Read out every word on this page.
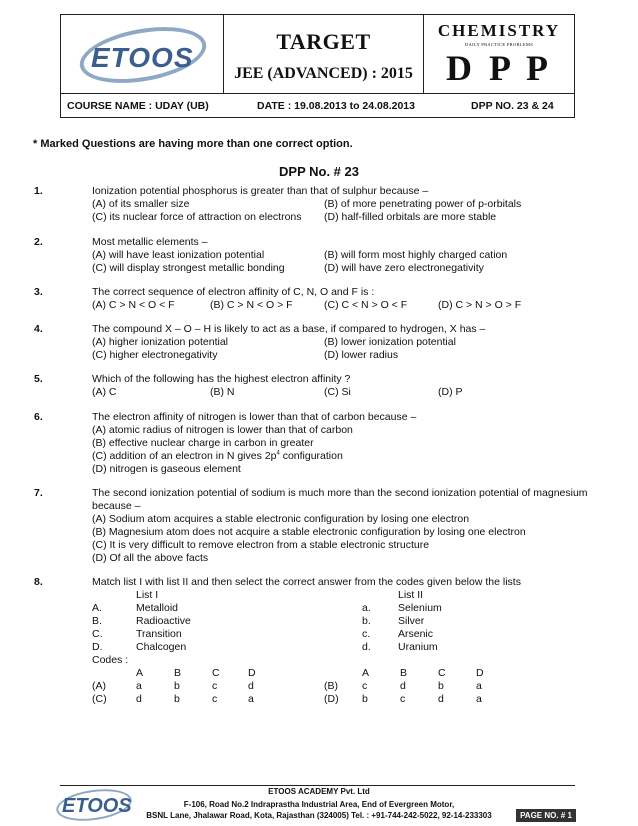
ETOOS
TARGET
JEE (ADVANCED) : 2015
CHEMISTRY
DAILY PRACTICE PROBLEMS
D P P
COURSE NAME : UDAY (UB)	DATE : 19.08.2013 to 24.08.2013	DPP NO. 23 & 24
* Marked Questions are having more than one correct option.
DPP No. # 23
1.	Ionization potential phosphorus is greater than that of sulphur because –
(A) of its smaller size	(B) of more penetrating power of p-orbitals
(C) its nuclear force of attraction on electrons (D) half-filled orbitals are more stable
2.	Most metallic elements –
(A) will have least ionization potential	(B) will form most highly charged cation
(C) will display strongest metallic bonding	(D) will have zero electronegativity
3.	The correct sequence of electron affinity of C, N, O and F is :
(A) C > N < O < F	(B) C > N < O > F	(C) C < N > O < F	(D) C > N > O > F
4.	The compound X – O – H is likely to act as a base, if compared to hydrogen, X has –
(A) higher ionization potential	(B) lower ionization potential
(C) higher electronegativity	(D) lower radius
5.	Which of the following has the highest electron affinity ?
(A) C	(B) N	(C) Si	(D) P
6.	The electron affinity of nitrogen is lower than that of carbon because –
(A) atomic radius of nitrogen is lower than that of carbon
(B) effective nuclear charge in carbon in greater
(C) addition of an electron in N gives $2p^4$ configuration
(D) nitrogen is gaseous element
7.	The second ionization potential of sodium is much more than the second ionization potential of magnesium
because –
(A) Sodium atom acquires a stable electronic configuration by losing one electron
(B) Magnesium atom does not acquire a stable electronic configuration by losing one electron
(C) It is very difficult to remove electron from a stable electronic structure
(D) Of all the above facts
8.	Match list I with list II and then select the correct answer from the codes given below the lists
List I	List II
A.	Metalloid	a.	Selenium
B.	Radioactive	b.	Silver
C.	Transition	c.	Arsenic
D.	Chalcogen	d.	Uranium
Codes :
A	B	C	D	A	B	C	D
(A)	a	b	c	d	(B) c	d	b	a
(C)	d	b	c	a	(D) b	c	d	a
ETOOS
ETOOS ACADEMY Pvt. Ltd
F-106, Road No.2 Indraprastha Industrial Area, End of Evergreen Motor,
BSNL Lane, Jhalawar Road, Kota, Rajasthan (324005) Tel. : +91-744-242-5022, 92-14-233303	PAGE NO. # 1
